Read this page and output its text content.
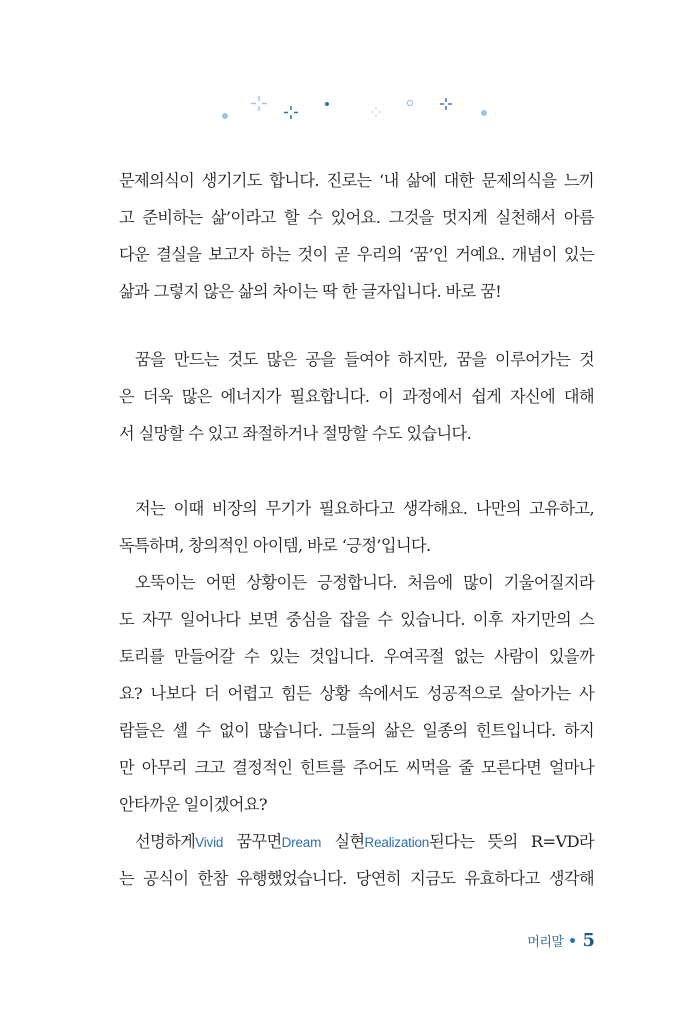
문제의식이 생기기도 합니다. 진로는 ‘내 삶에 대한 문제의식을 느끼
고 준비하는 삶’이라고 할 수 있어요. 그것을 멋지게 실천해서 아름
다운 결실을 보고자 하는 것이 곧 우리의 ‘꿈’인 거예요. 개념이 있는
삶과 그렇지 않은 삶의 차이는 딱 한 글자입니다. 바로 꿈!
꿈을 만드는 것도 많은 공을 들여야 하지만, 꿈을 이루어가는 것
은 더욱 많은 에너지가 필요합니다. 이 과정에서 쉽게 자신에 대해
서 실망할 수 있고 좌절하거나 절망할 수도 있습니다.
저는 이때 비장의 무기가 필요하다고 생각해요. 나만의 고유하고,
독특하며, 창의적인 아이템, 바로 ‘긍정’입니다.
오뚝이는 어떤 상황이든 긍정합니다. 처음에 많이 기울어질지라
도 자꾸 일어나다 보면 중심을 잡을 수 있습니다. 이후 자기만의 스
토리를 만들어갈 수 있는 것입니다. 우여곡절 없는 사람이 있을까
요? 나보다 더 어렵고 힘든 상황 속에서도 성공적으로 살아가는 사
람들은 셀 수 없이 많습니다. 그들의 삶은 일종의 힌트입니다. 하지
만 아무리 크고 결정적인 힌트를 주어도 씨먹을 줄 모른다면 얼마나
안타까운 일이겠어요?
선명하게Vivid 꿈꾸면Dream 실현Realization된다는 뜻의 R=VD라
는 공식이 한참 유행했었습니다. 당연히 지금도 유효하다고 생각해
머리말 5
